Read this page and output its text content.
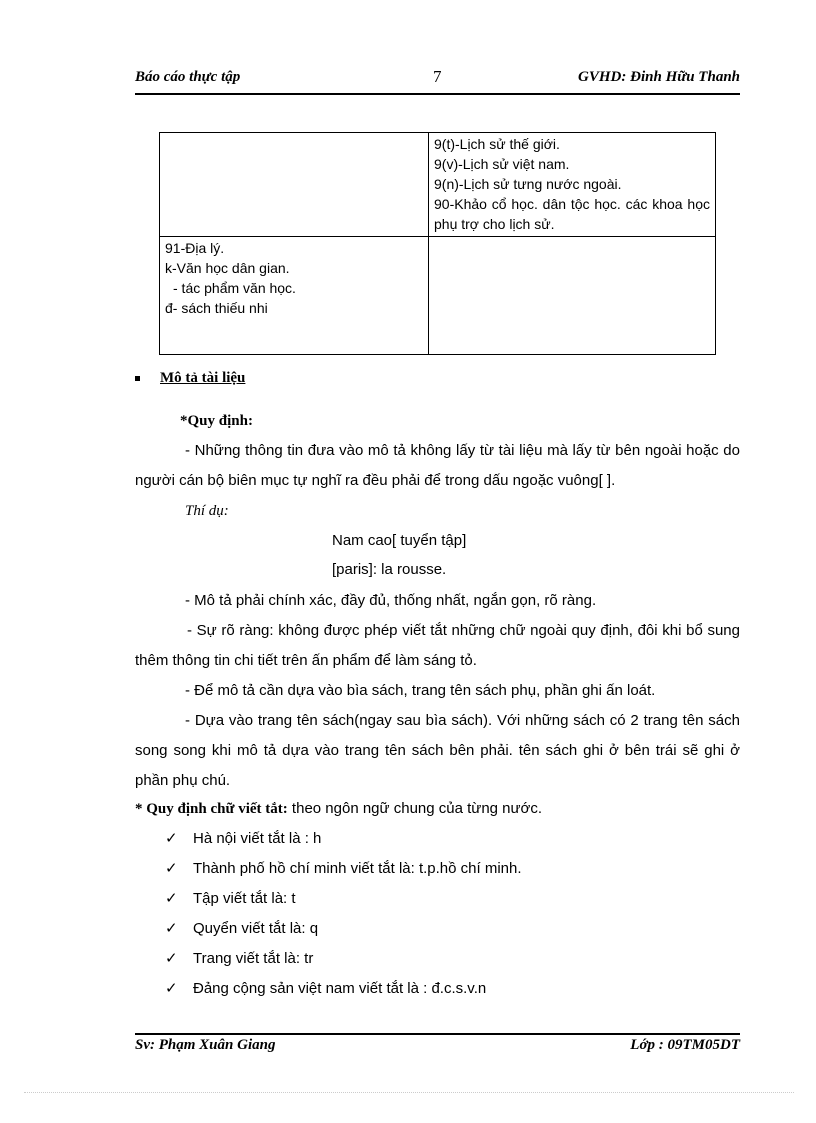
Báo cáo thực tập	7	GVHD: Đinh Hữu Thanh

	9(t)-Lịch sử thế giới.
9(v)-Lịch sử việt nam.
9(n)-Lịch sử tưng nước ngoài.
90-Khảo cổ học. dân tộc học. các khoa học phụ trợ cho lịch sử.

91-Địa lý.
k-Văn học dân gian.
- tác phẩm văn học.
đ- sách thiếu nhi	

Mô tả tài liệu
*Quy định:
- Những thông tin đưa vào mô tả không lấy từ tài liệu mà lấy từ bên ngoài hoặc do người cán bộ biên mục tự nghĩ ra đều phải để trong dấu ngoặc vuông[ ].
Thí dụ:
Nam cao[ tuyển tập]
[paris]: la rousse.
- Mô tả phải chính xác, đầy đủ, thống nhất, ngắn gọn, rõ ràng.
- Sự rõ ràng: không được phép viết tắt những chữ ngoài quy định, đôi khi bổ sung thêm thông tin chi tiết trên ấn phẩm để làm sáng tỏ.
- Để mô tả cần dựa vào bìa sách, trang tên sách phụ, phần ghi ấn loát.
- Dựa vào trang tên sách(ngay sau bìa sách). Với những sách có 2 trang tên sách song song khi mô tả dựa vào trang tên sách bên phải. tên sách ghi ở bên trái sẽ ghi ở phần phụ chú.
* Quy định chữ viết tắt: theo ngôn ngữ chung của từng nước.
✓ Hà nội viết tắt là : h
✓ Thành phố hồ chí minh viết tắt là: t.p.hồ chí minh.
✓ Tập viết tắt là: t
✓ Quyển viết tắt là: q
✓ Trang viết tắt là: tr
✓ Đảng cộng sản việt nam viết tắt là : đ.c.s.v.n
Sv: Phạm Xuân Giang	Lớp : 09TM05DT
